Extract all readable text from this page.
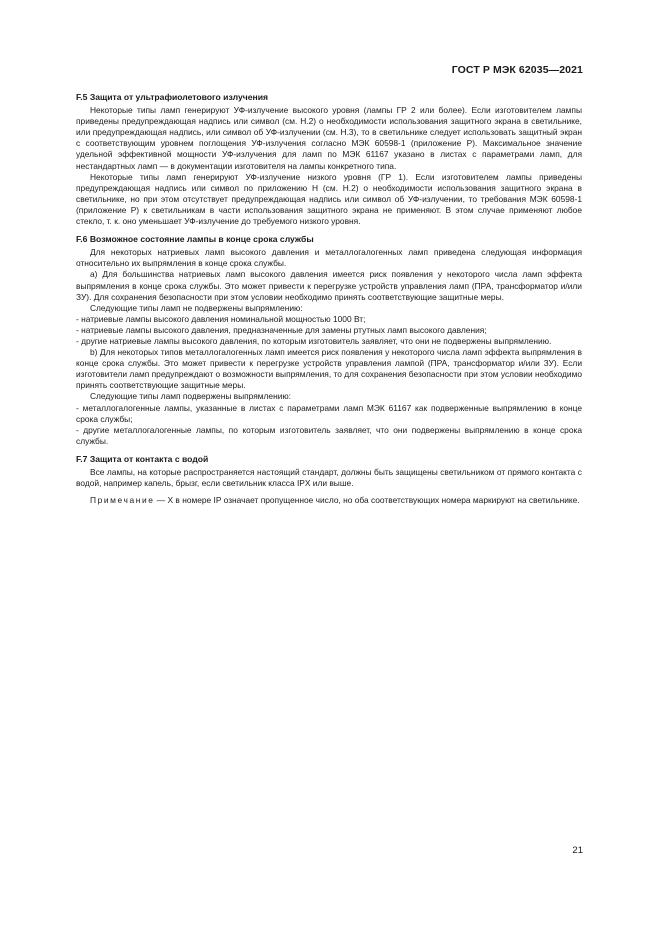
ГОСТ Р МЭК 62035—2021
F.5 Защита от ультрафиолетового излучения

Некоторые типы ламп генерируют УФ-излучение высокого уровня (лампы ГР 2 или более). Если изготовителем лампы приведены предупреждающая надпись или символ (см. Н.2) о необходимости использования защитного экрана в светильнике, или предупреждающая надпись, или символ об УФ-излучении (см. Н.3), то в светильнике следует использовать защитный экран с соответствующим уровнем поглощения УФ-излучения согласно МЭК 60598-1 (приложение Р). Максимальное значение удельной эффективной мощности УФ-излучения для ламп по МЭК 61167 указано в листах с параметрами ламп, для нестандартных ламп — в документации изготовителя на лампы конкретного типа.

Некоторые типы ламп генерируют УФ-излучение низкого уровня (ГР 1). Если изготовителем лампы приведены предупреждающая надпись или символ по приложению Н (см. Н.2) о необходимости использования защитного экрана в светильнике, но при этом отсутствует предупреждающая надпись или символ об УФ-излучении, то требования МЭК 60598-1 (приложение Р) к светильникам в части использования защитного экрана не применяют. В этом случае применяют любое стекло, т. к. оно уменьшает УФ-излучение до требуемого низкого уровня.

F.6 Возможное состояние лампы в конце срока службы

Для некоторых натриевых ламп высокого давления и металлогалогенных ламп приведена следующая информация относительно их выпрямления в конце срока службы.

a) Для большинства натриевых ламп высокого давления имеется риск появления у некоторого числа ламп эффекта выпрямления в конце срока службы. Это может привести к перегрузке устройств управления ламп (ПРА, трансформатор и/или ЗУ). Для сохранения безопасности при этом условии необходимо принять соответствующие защитные меры.

Следующие типы ламп не подвержены выпрямлению:

- натриевые лампы высокого давления номинальной мощностью 1000 Вт;

- натриевые лампы высокого давления, предназначенные для замены ртутных ламп высокого давления;

- другие натриевые лампы высокого давления, по которым изготовитель заявляет, что они не подвержены выпрямлению.

b) Для некоторых типов металлогалогенных ламп имеется риск появления у некоторого числа ламп эффекта выпрямления в конце срока службы. Это может привести к перегрузке устройств управления лампой (ПРА, трансформатор и/или ЗУ). Если изготовители ламп предупреждают о возможности выпрямления, то для сохранения безопасности при этом условии необходимо принять соответствующие защитные меры.

Следующие типы ламп подвержены выпрямлению:

- металлогалогенные лампы, указанные в листах с параметрами ламп МЭК 61167 как подверженные выпрямлению в конце срока службы;

- другие металлогалогенные лампы, по которым изготовитель заявляет, что они подвержены выпрямлению в конце срока службы.

F.7 Защита от контакта с водой

Все лампы, на которые распространяется настоящий стандарт, должны быть защищены светильником от прямого контакта с водой, например капель, брызг, если светильник класса IPX или выше.

Примечание — X в номере IP означает пропущенное число, но оба соответствующих номера маркируют на светильнике.

21
